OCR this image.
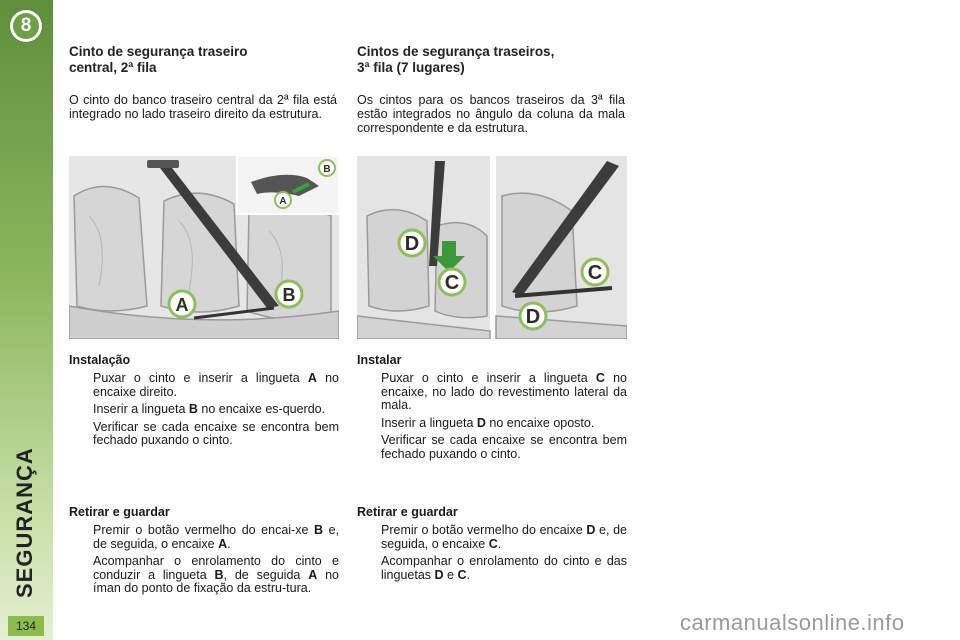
8
SEGURANÇA
134
Cinto de segurança traseiro
central, 2ª fila
O cinto do banco traseiro central da 2ª fila está integrado no lado traseiro direito da estrutura.
A	B
A
B
Cintos de segurança traseiros,
3ª fila (7 lugares)
Os cintos para os bancos traseiros da 3ª fila estão integrados no ângulo da coluna da mala correspondente e da estrutura.
D
C	C
D
Instalação
Puxar o cinto e inserir a lingueta A no encaixe direito.
Inserir a lingueta B no encaixe es-querdo.
Verificar se cada encaixe se encontra bem fechado puxando o cinto.
Retirar e guardar
Premir o botão vermelho do encai-xe B e, de seguida, o encaixe A.
Acompanhar o enrolamento do cinto e conduzir a lingueta B, de seguida A no íman do ponto de fixação da estru-tura.
Instalar
Puxar o cinto e inserir a lingueta C no encaixe, no lado do revestimento lateral da mala.
Inserir a lingueta D no encaixe oposto.
Verificar se cada encaixe se encontra bem fechado puxando o cinto.
Retirar e guardar
Premir o botão vermelho do encaixe D e, de seguida, o encaixe C.
Acompanhar o enrolamento do cinto e das linguetas D e C.
carmanualsonline.info
